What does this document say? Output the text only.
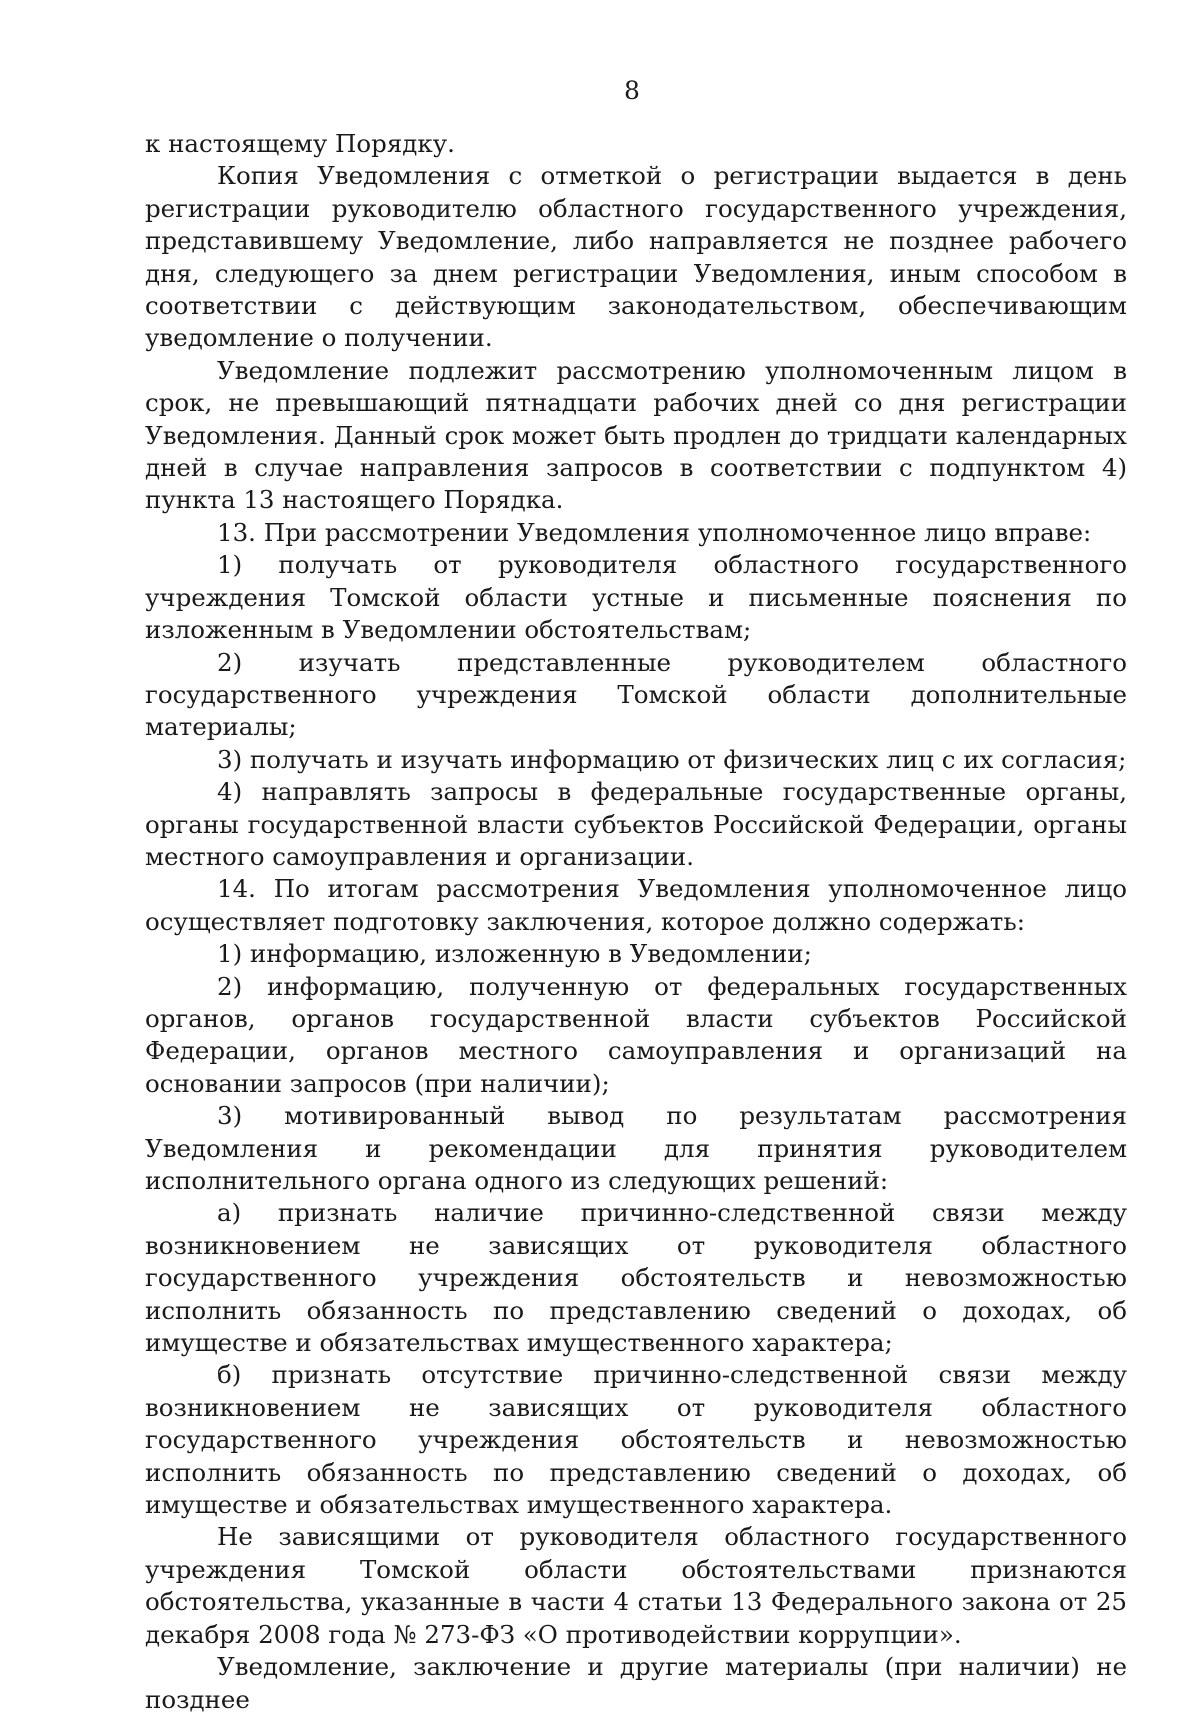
8

к настоящему Порядку.

Копия Уведомления с отметкой о регистрации выдается в день регистрации руководителю областного государственного учреждения, представившему Уведомление, либо направляется не позднее рабочего дня, следующего за днем регистрации Уведомления, иным способом в соответствии с действующим законодательством, обеспечивающим уведомление о получении.

Уведомление подлежит рассмотрению уполномоченным лицом в срок, не превышающий пятнадцати рабочих дней со дня регистрации Уведомления. Данный срок может быть продлен до тридцати календарных дней в случае направления запросов в соответствии с подпунктом 4) пункта 13 настоящего Порядка.

13. При рассмотрении Уведомления уполномоченное лицо вправе:

1) получать от руководителя областного государственного учреждения Томской области устные и письменные пояснения по изложенным в Уведомлении обстоятельствам;

2) изучать представленные руководителем областного государственного учреждения Томской области дополнительные материалы;

3) получать и изучать информацию от физических лиц с их согласия;

4) направлять запросы в федеральные государственные органы, органы государственной власти субъектов Российской Федерации, органы местного самоуправления и организации.

14. По итогам рассмотрения Уведомления уполномоченное лицо осуществляет подготовку заключения, которое должно содержать:

1) информацию, изложенную в Уведомлении;

2) информацию, полученную от федеральных государственных органов, органов государственной власти субъектов Российской Федерации, органов местного самоуправления и организаций на основании запросов (при наличии);

3) мотивированный вывод по результатам рассмотрения Уведомления и рекомендации для принятия руководителем исполнительного органа одного из следующих решений:

а) признать наличие причинно-следственной связи между возникновением не зависящих от руководителя областного государственного учреждения обстоятельств и невозможностью исполнить обязанность по представлению сведений о доходах, об имуществе и обязательствах имущественного характера;

б) признать отсутствие причинно-следственной связи между возникновением не зависящих от руководителя областного государственного учреждения обстоятельств и невозможностью исполнить обязанность по представлению сведений о доходах, об имуществе и обязательствах имущественного характера.

Не зависящими от руководителя областного государственного учреждения Томской области обстоятельствами признаются обстоятельства, указанные в части 4 статьи 13 Федерального закона от 25 декабря 2008 года № 273-ФЗ «О противодействии коррупции».

Уведомление, заключение и другие материалы (при наличии) не позднее
